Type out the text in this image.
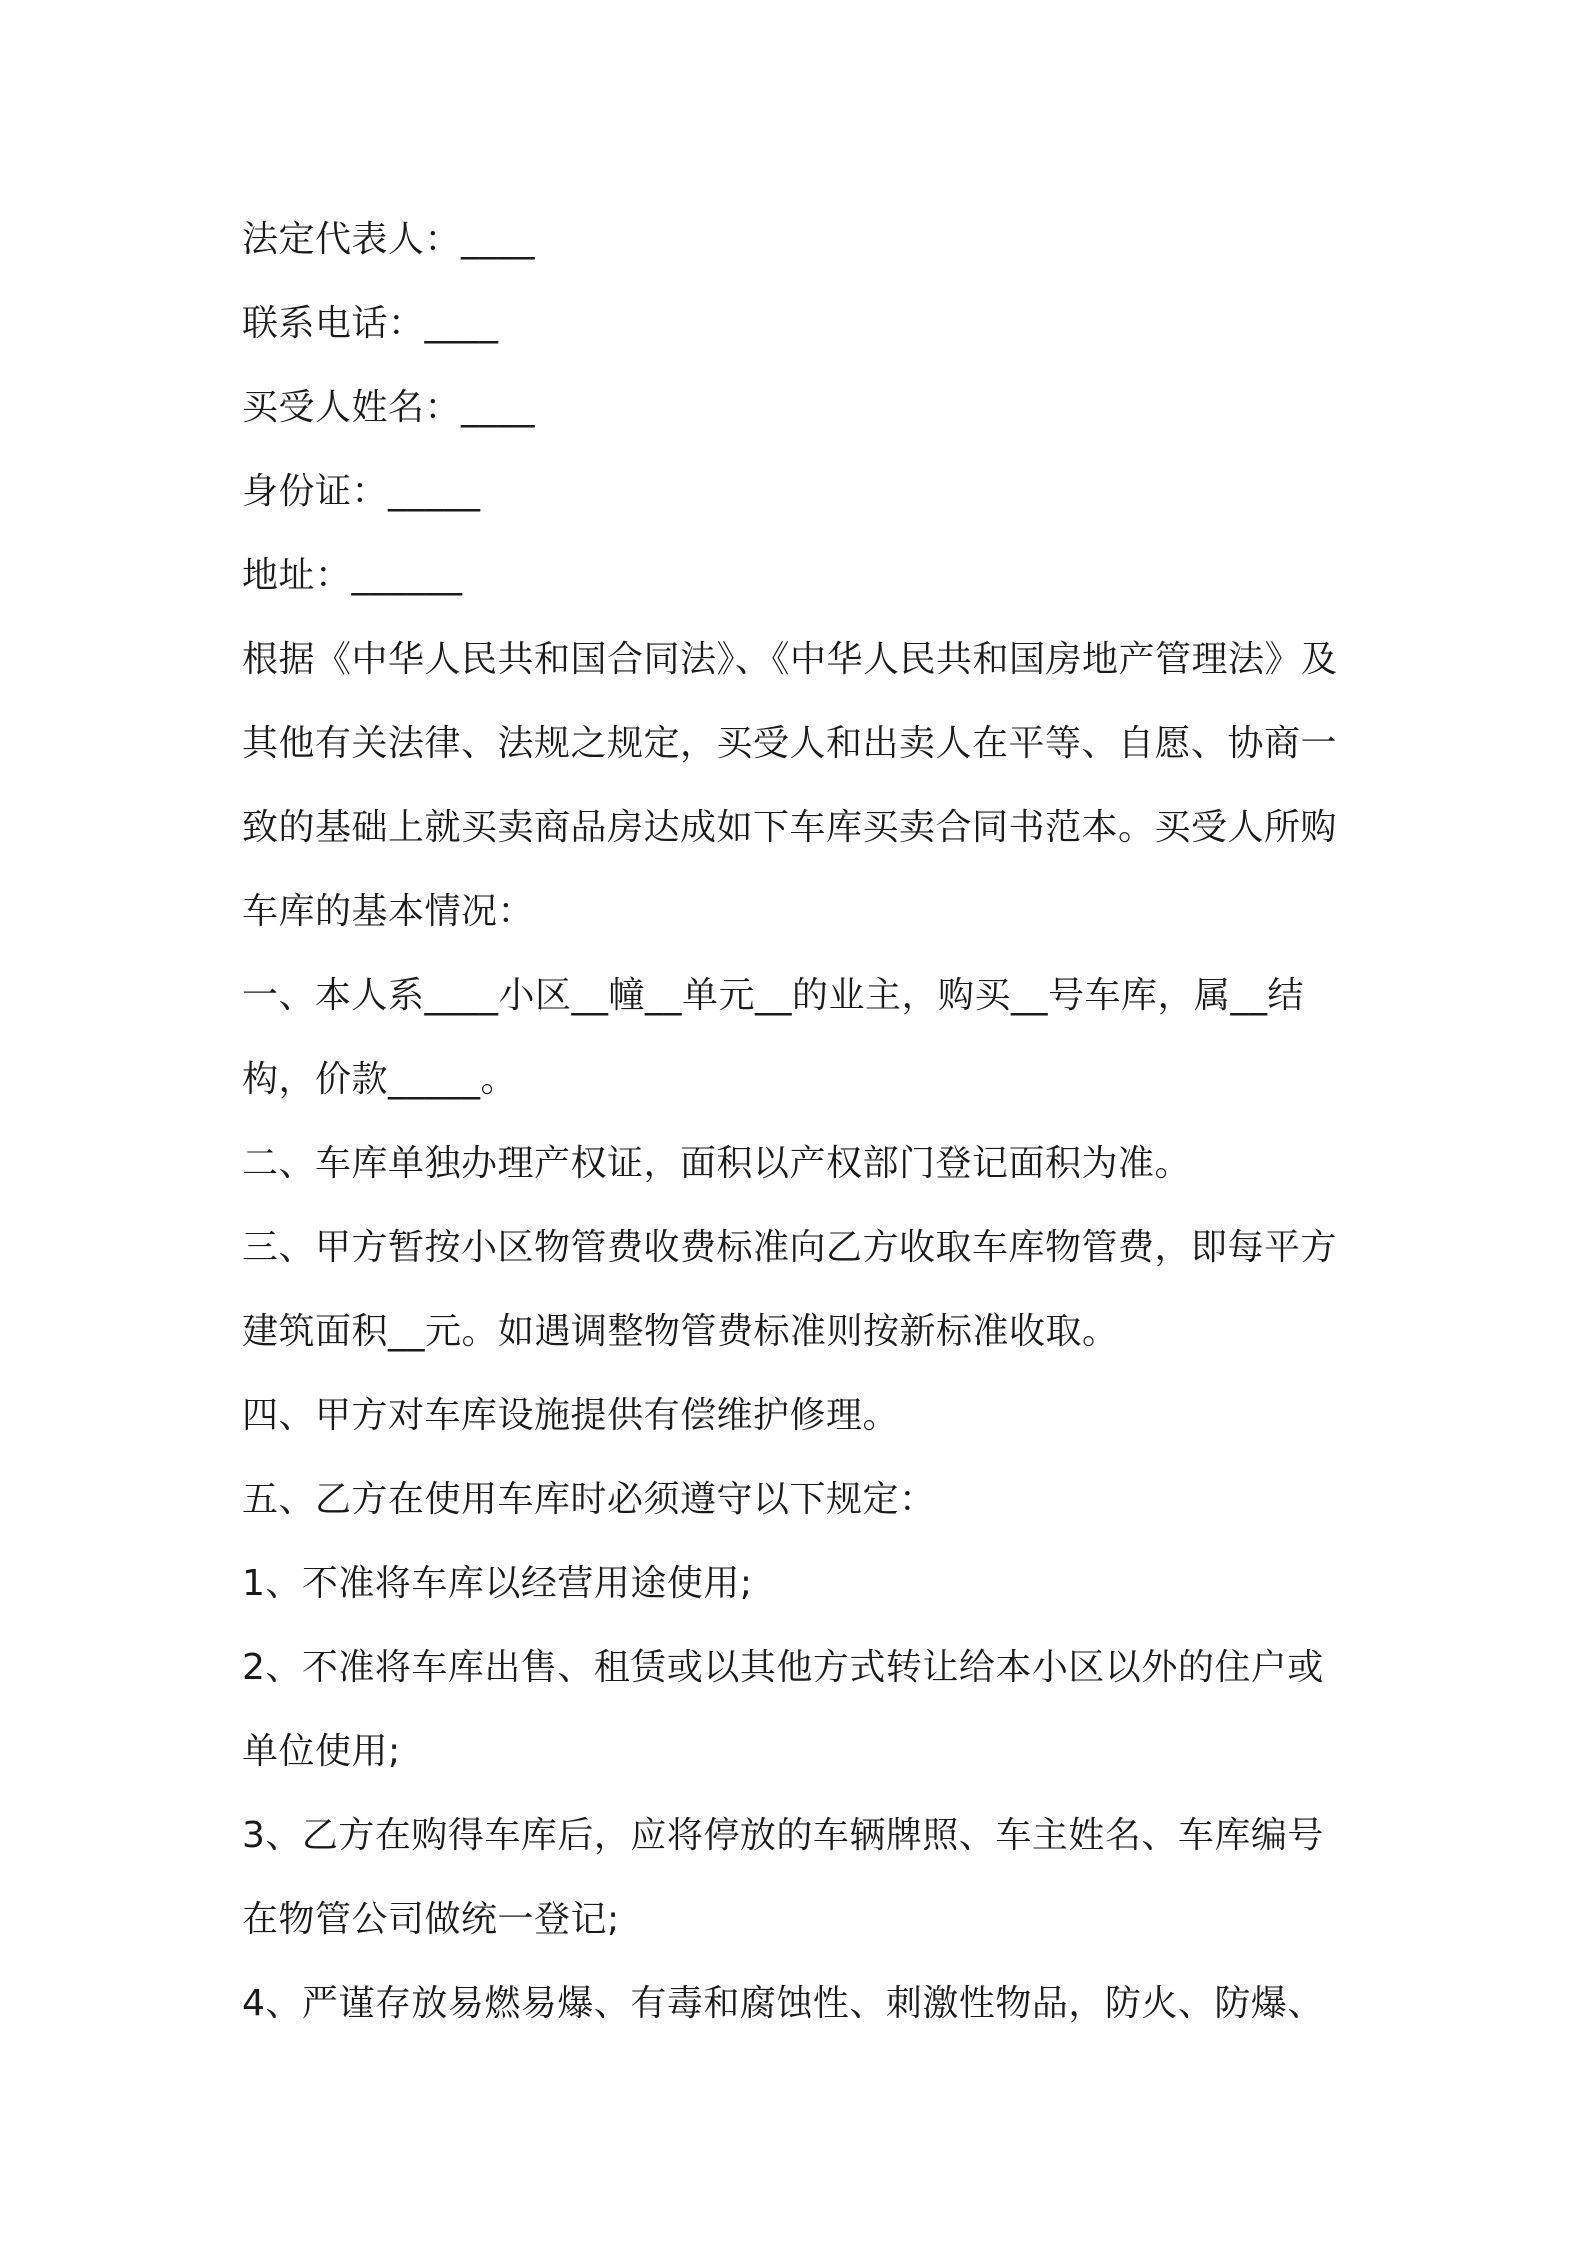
法定代表人：____
联系电话：____
买受人姓名：____
身份证：_____
地址：______
根据《中华人民共和国合同法》、《中华人民共和国房地产管理法》及
其他有关法律、法规之规定，买受人和出卖人在平等、自愿、协商一
致的基础上就买卖商品房达成如下车库买卖合同书范本。买受人所购
车库的基本情况：
一、本人系____小区__幢__单元__的业主，购买__号车库，属__结
构，价款_____。
二、车库单独办理产权证，面积以产权部门登记面积为准。
三、甲方暂按小区物管费收费标准向乙方收取车库物管费，即每平方
建筑面积__元。如遇调整物管费标准则按新标准收取。
四、甲方对车库设施提供有偿维护修理。
五、乙方在使用车库时必须遵守以下规定：
1、不准将车库以经营用途使用;
2、不准将车库出售、租赁或以其他方式转让给本小区以外的住户或
单位使用;
3、乙方在购得车库后，应将停放的车辆牌照、车主姓名、车库编号
在物管公司做统一登记;
4、严谨存放易燃易爆、有毒和腐蚀性、刺激性物品，防火、防爆、
